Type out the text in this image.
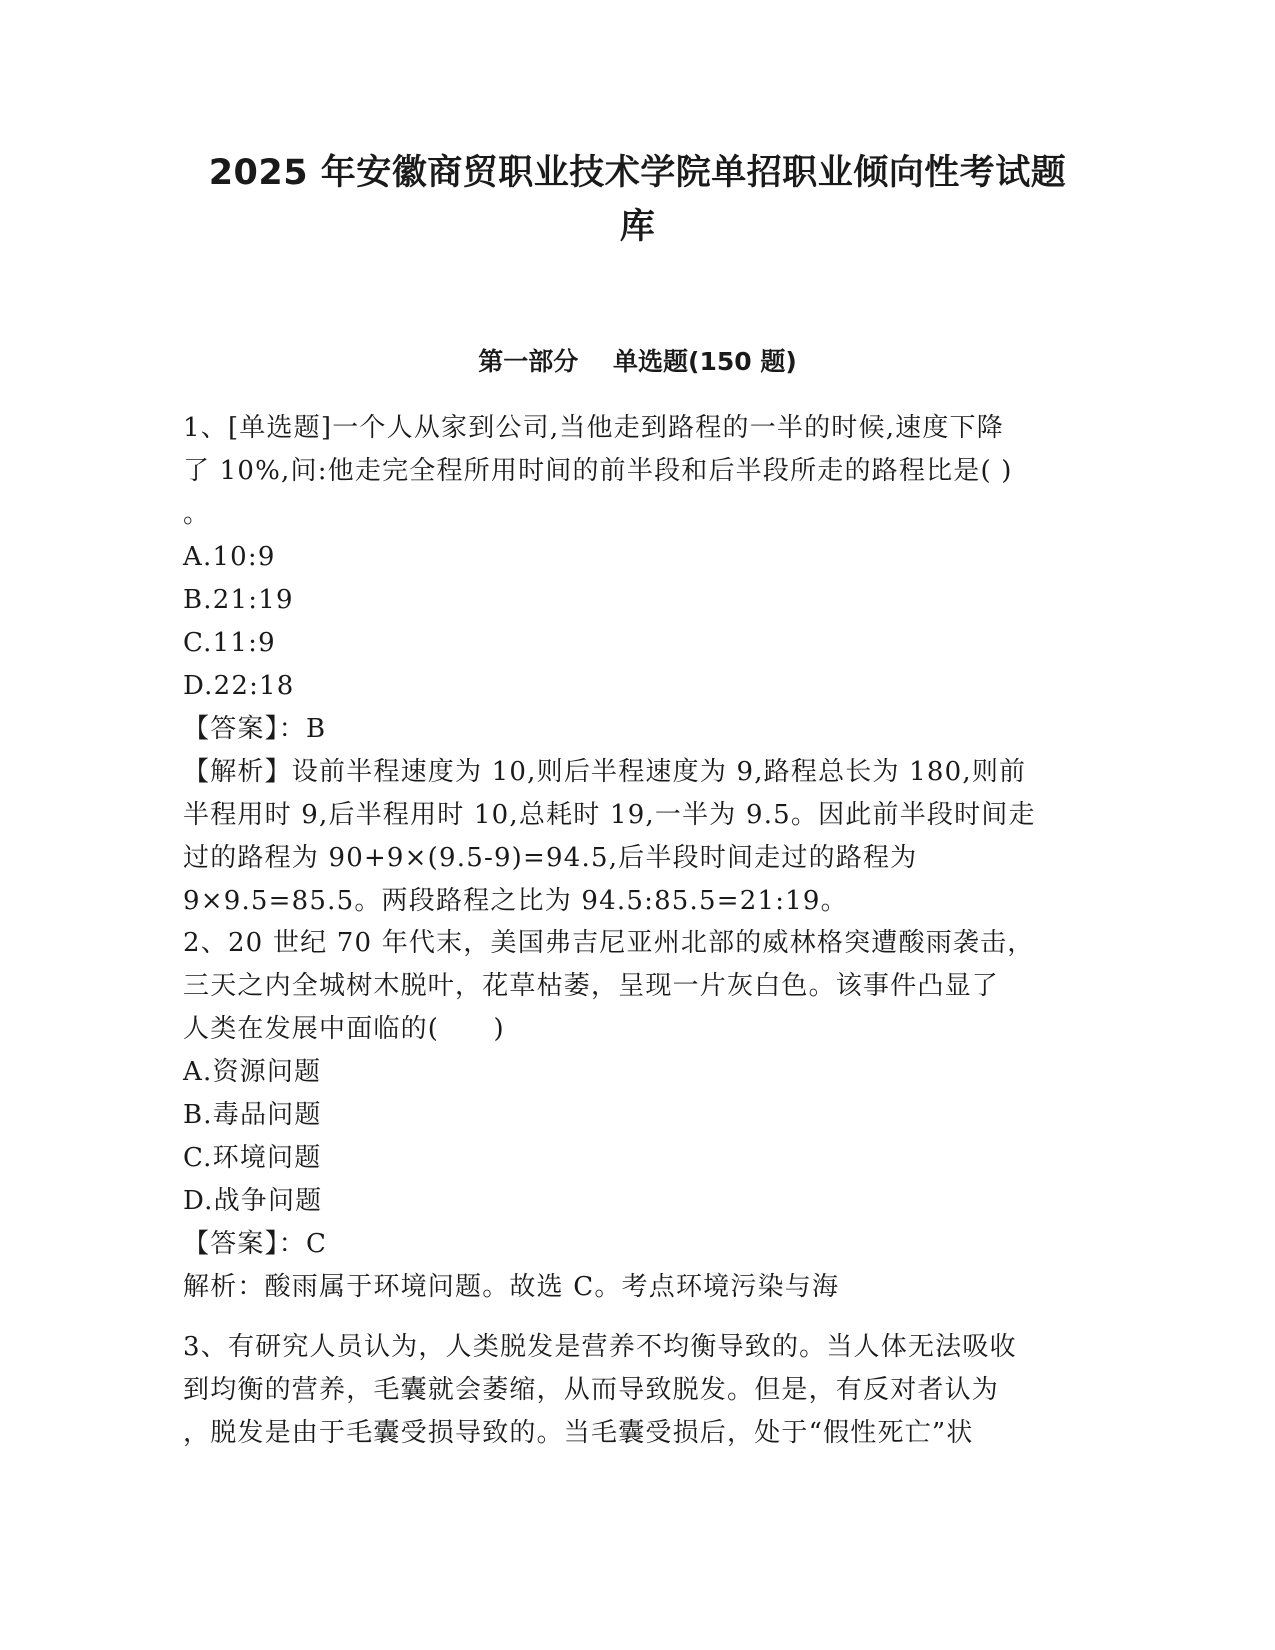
2025 年安徽商贸职业技术学院单招职业倾向性考试题
库
第一部分    单选题(150 题)
1、[单选题]一个人从家到公司,当他走到路程的一半的时候,速度下降
了 10%,问:他走完全程所用时间的前半段和后半段所走的路程比是( )
。
A.10:9
B.21:19
C.11:9
D.22:18
【答案】：B
【解析】设前半程速度为 10,则后半程速度为 9,路程总长为 180,则前
半程用时 9,后半程用时 10,总耗时 19,一半为 9.5。因此前半段时间走
过的路程为 90+9×(9.5-9)=94.5,后半段时间走过的路程为
9×9.5=85.5。两段路程之比为 94.5:85.5=21:19。
2、20 世纪 70 年代末，美国弗吉尼亚州北部的威林格突遭酸雨袭击，
三天之内全城树木脱叶，花草枯萎，呈现一片灰白色。该事件凸显了
人类在发展中面临的(　　)
A.资源问题
B.毒品问题
C.环境问题
D.战争问题
【答案】：C
解析：酸雨属于环境问题。故选 C。考点环境污染与海
3、有研究人员认为，人类脱发是营养不均衡导致的。当人体无法吸收
到均衡的营养，毛囊就会萎缩，从而导致脱发。但是，有反对者认为
，脱发是由于毛囊受损导致的。当毛囊受损后，处于“假性死亡”状
